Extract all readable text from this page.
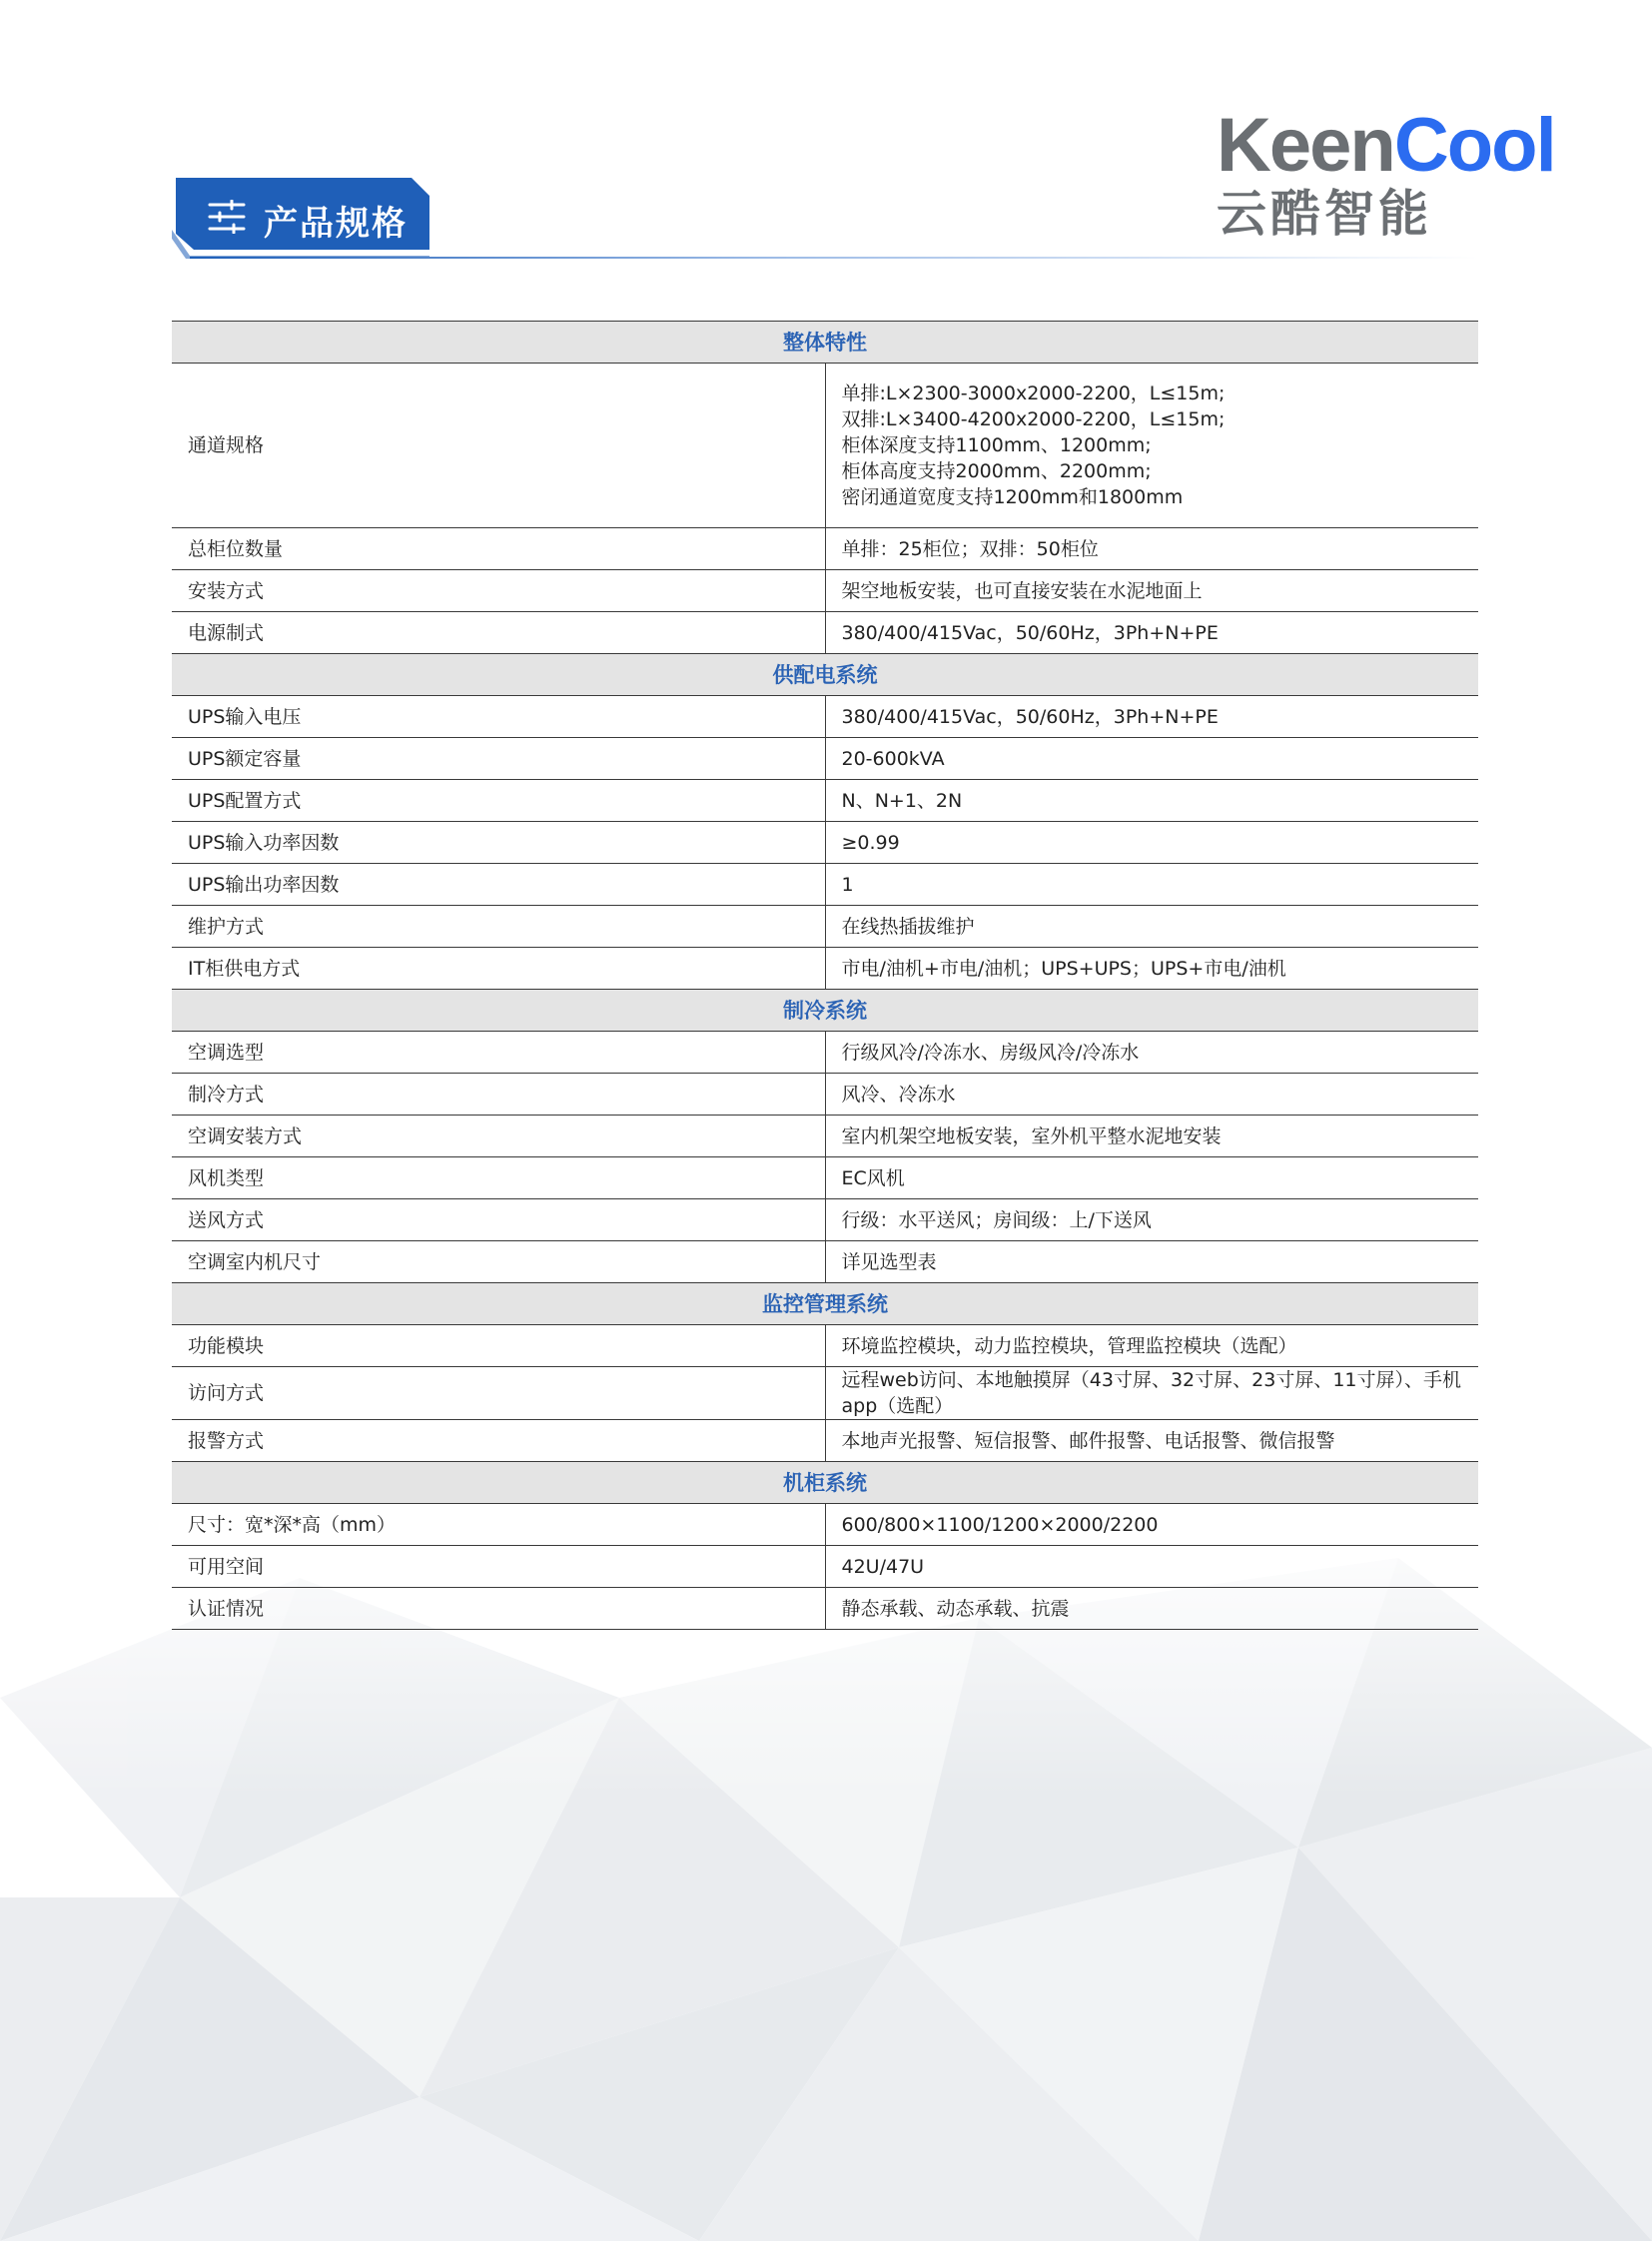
KeenCool
云酷智能
产品规格
整体特性	
通道规格	单排:L×2300-3000x2000-2200，L≤15m;
双排:L×3400-4200x2000-2200，L≤15m;
柜体深度支持1100mm、1200mm;
柜体高度支持2000mm、2200mm;
密闭通道宽度支持1200mm和1800mm

总柜位数量	单排：25柜位；双排：50柜位

安装方式	架空地板安装，也可直接安装在水泥地面上

电源制式	380/400/415Vac，50/60Hz，3Ph+N+PE

供配电系统	
UPS输入电压	380/400/415Vac，50/60Hz，3Ph+N+PE

UPS额定容量	20-600kVA

UPS配置方式	N、N+1、2N

UPS输入功率因数	≥0.99

UPS输出功率因数	1

维护方式	在线热插拔维护

IT柜供电方式	市电/油机+市电/油机；UPS+UPS；UPS+市电/油机

制冷系统	
空调选型	行级风冷/冷冻水、房级风冷/冷冻水

制冷方式	风冷、冷冻水

空调安装方式	室内机架空地板安装，室外机平整水泥地安装

风机类型	EC风机

送风方式	行级：水平送风；房间级：上/下送风

空调室内机尺寸	详见选型表

监控管理系统	
功能模块	环境监控模块，动力监控模块，管理监控模块（选配）

访问方式	远程web访问、本地触摸屏（43寸屏、32寸屏、23寸屏、11寸屏）、手机app（选配）

报警方式	本地声光报警、短信报警、邮件报警、电话报警、微信报警

机柜系统	
尺寸：宽*深*高（mm）	600/800×1100/1200×2000/2200

可用空间	42U/47U

认证情况	静态承载、动态承载、抗震
